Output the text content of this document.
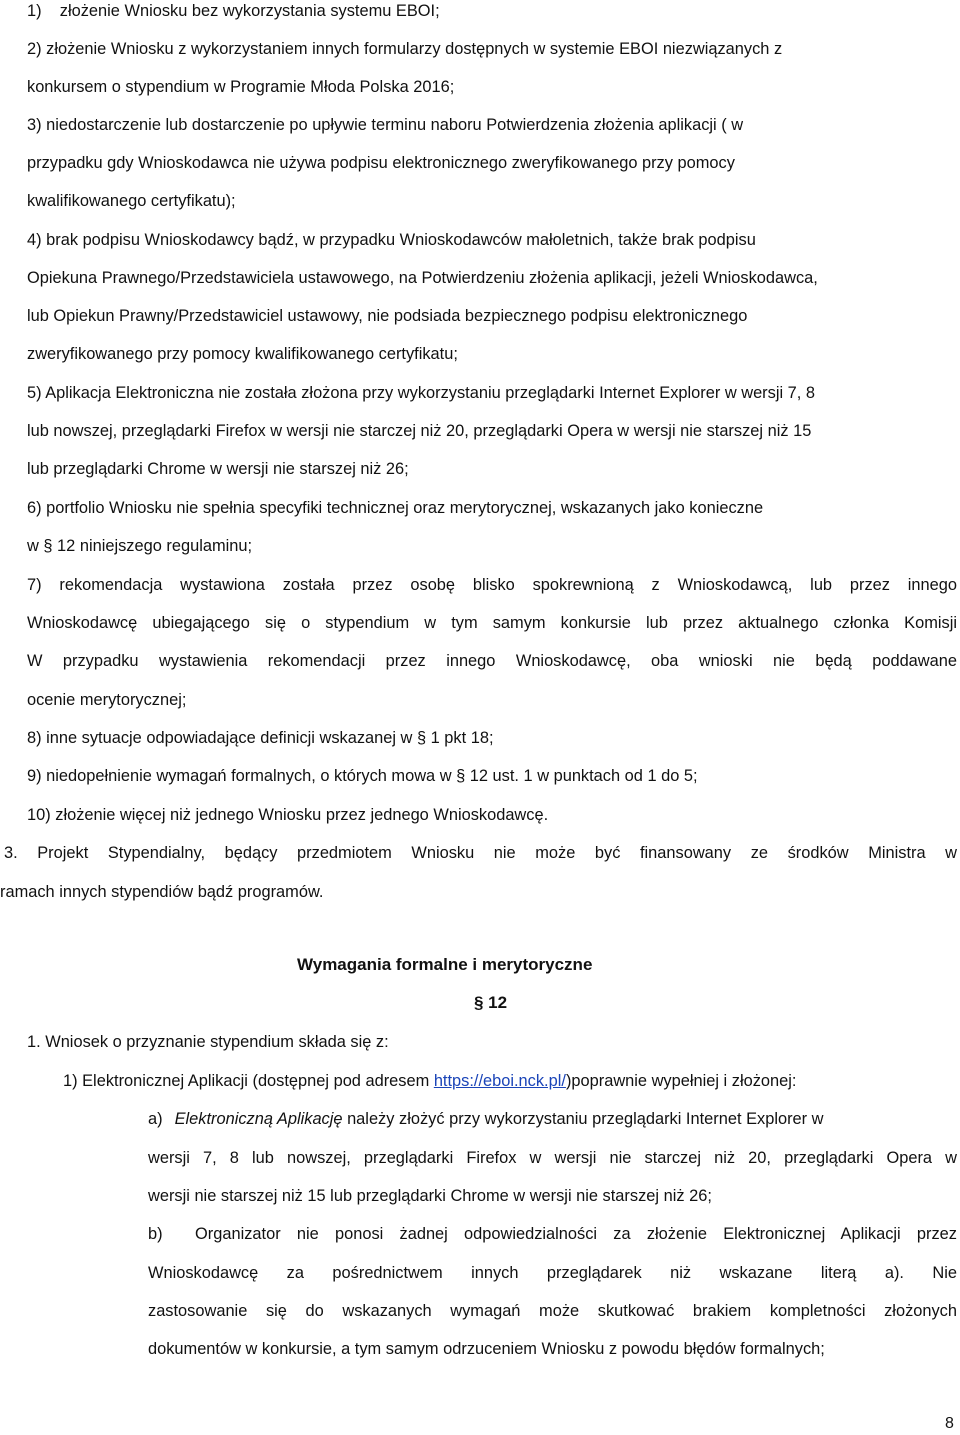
1)    złożenie Wniosku bez wykorzystania systemu EBOI;

2) złożenie Wniosku z wykorzystaniem innych formularzy dostępnych w systemie EBOI niezwiązanych z

konkursem o stypendium w Programie Młoda Polska 2016;

3) niedostarczenie lub dostarczenie po upływie terminu naboru Potwierdzenia złożenia aplikacji ( w

przypadku gdy Wnioskodawca nie używa podpisu elektronicznego zweryfikowanego przy pomocy

kwalifikowanego certyfikatu);

4) brak podpisu Wnioskodawcy bądź, w przypadku Wnioskodawców małoletnich, także brak podpisu

Opiekuna Prawnego/Przedstawiciela ustawowego, na Potwierdzeniu złożenia aplikacji, jeżeli Wnioskodawca,

lub Opiekun Prawny/Przedstawiciel ustawowy, nie podsiada bezpiecznego podpisu elektronicznego

zweryfikowanego przy pomocy kwalifikowanego certyfikatu;

5) Aplikacja Elektroniczna nie została złożona przy wykorzystaniu przeglądarki Internet Explorer w wersji 7, 8

lub nowszej, przeglądarki Firefox w wersji nie starczej niż 20, przeglądarki Opera w wersji nie starszej niż 15

lub przeglądarki Chrome w wersji nie starszej niż 26;

6) portfolio Wniosku nie spełnia specyfiki technicznej oraz merytorycznej, wskazanych jako konieczne

w § 12 niniejszego regulaminu;

7) rekomendacja wystawiona została przez osobę blisko spokrewnioną z Wnioskodawcą, lub przez innego

Wnioskodawcę ubiegającego się o stypendium w tym samym konkursie lub przez aktualnego członka Komisji

W przypadku wystawienia rekomendacji przez innego Wnioskodawcę, oba wnioski nie będą poddawane

ocenie merytorycznej;

8) inne sytuacje odpowiadające definicji wskazanej w § 1 pkt 18;

9) niedopełnienie wymagań formalnych, o których mowa w § 12 ust. 1 w punktach od 1 do 5;

10) złożenie więcej niż jednego Wniosku przez jednego Wnioskodawcę.

3. Projekt Stypendialny, będący przedmiotem Wniosku nie może być finansowany ze środków Ministra w

ramach innych stypendiów bądź programów.

Wymagania formalne i merytoryczne

§ 12

1. Wniosek o przyznanie stypendium składa się z:

1) Elektronicznej Aplikacji (dostępnej pod adresem https://eboi.nck.pl/)poprawnie wypełniej i złożonej:

a) Elektroniczną Aplikację należy złożyć przy wykorzystaniu przeglądarki Internet Explorer w

wersji 7, 8 lub nowszej, przeglądarki Firefox w wersji nie starczej niż 20, przeglądarki Opera w

wersji nie starszej niż 15 lub przeglądarki Chrome w wersji nie starszej niż 26;

b)  Organizator nie ponosi żadnej odpowiedzialności za złożenie Elektronicznej Aplikacji przez

Wnioskodawcę za pośrednictwem innych przeglądarek niż wskazane literą a). Nie

zastosowanie się do wskazanych wymagań może skutkować brakiem kompletności złożonych

dokumentów w konkursie, a tym samym odrzuceniem Wniosku z powodu błędów formalnych;

8
